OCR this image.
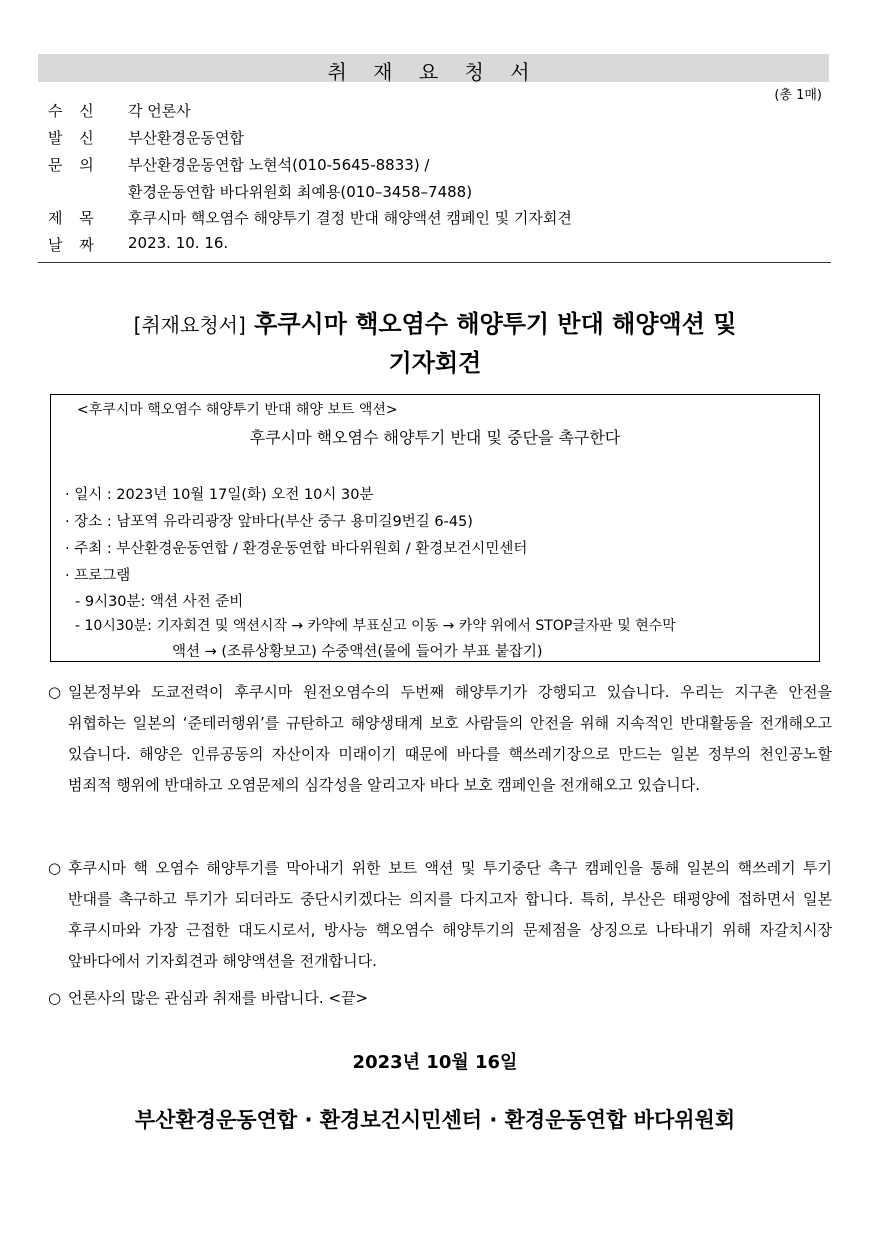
취 재 요 청 서
(총 1매)
수 신	각 언론사
발 신	부산환경운동연합
문 의	부산환경운동연합 노현석(010-5645-8833) /
환경운동연합 바다위원회 최예용(010–3458–7488)
제 목	후쿠시마 핵오염수 해양투기 결정 반대 해양액션 캠페인 및 기자회견
날 짜	2023. 10. 16.
[취재요청서] 후쿠시마 핵오염수 해양투기 반대 해양액션 및
기자회견
<후쿠시마 핵오염수 해양투기 반대 해양 보트 액션>
후쿠시마 핵오염수 해양투기 반대 및 중단을 촉구한다
· 일시 : 2023년 10월 17일(화) 오전 10시 30분
· 장소 : 남포역 유라리광장 앞바다(부산 중구 용미길9번길 6-45)
· 주최 : 부산환경운동연합 / 환경운동연합 바다위원회 / 환경보건시민센터
· 프로그램
- 9시30분: 액션 사전 준비
- 10시30분: 기자회견 및 액션시작 → 카약에 부표싣고 이동 → 카약 위에서 STOP글자판 및 현수막
액션 → (조류상황보고) 수중액션(물에 들어가 부표 붙잡기)
○ 일본정부와 도쿄전력이 후쿠시마 원전오염수의 두번째 해양투기가 강행되고 있습니다. 우리는 지구촌 안전을 위협하는 일본의 ‘준테러행위’를 규탄하고 해양생태계 보호 사람들의 안전을 위해 지속적인 반대활동을 전개해오고 있습니다. 해양은 인류공동의 자산이자 미래이기 때문에 바다를 핵쓰레기장으로 만드는 일본 정부의 천인공노할 범죄적 행위에 반대하고 오염문제의 심각성을 알리고자 바다 보호 캠페인을 전개해오고 있습니다.
○ 후쿠시마 핵 오염수 해양투기를 막아내기 위한 보트 액션 및 투기중단 촉구 캠페인을 통해 일본의 핵쓰레기 투기 반대를 촉구하고 투기가 되더라도 중단시키겠다는 의지를 다지고자 합니다. 특히, 부산은 태평양에 접하면서 일본 후쿠시마와 가장 근접한 대도시로서, 방사능 핵오염수 해양투기의 문제점을 상징으로 나타내기 위해 자갈치시장 앞바다에서 기자회견과 해양액션을 전개합니다.
○ 언론사의 많은 관심과 취재를 바랍니다. <끝>
2023년 10월 16일
부산환경운동연합 · 환경보건시민센터 · 환경운동연합 바다위원회
